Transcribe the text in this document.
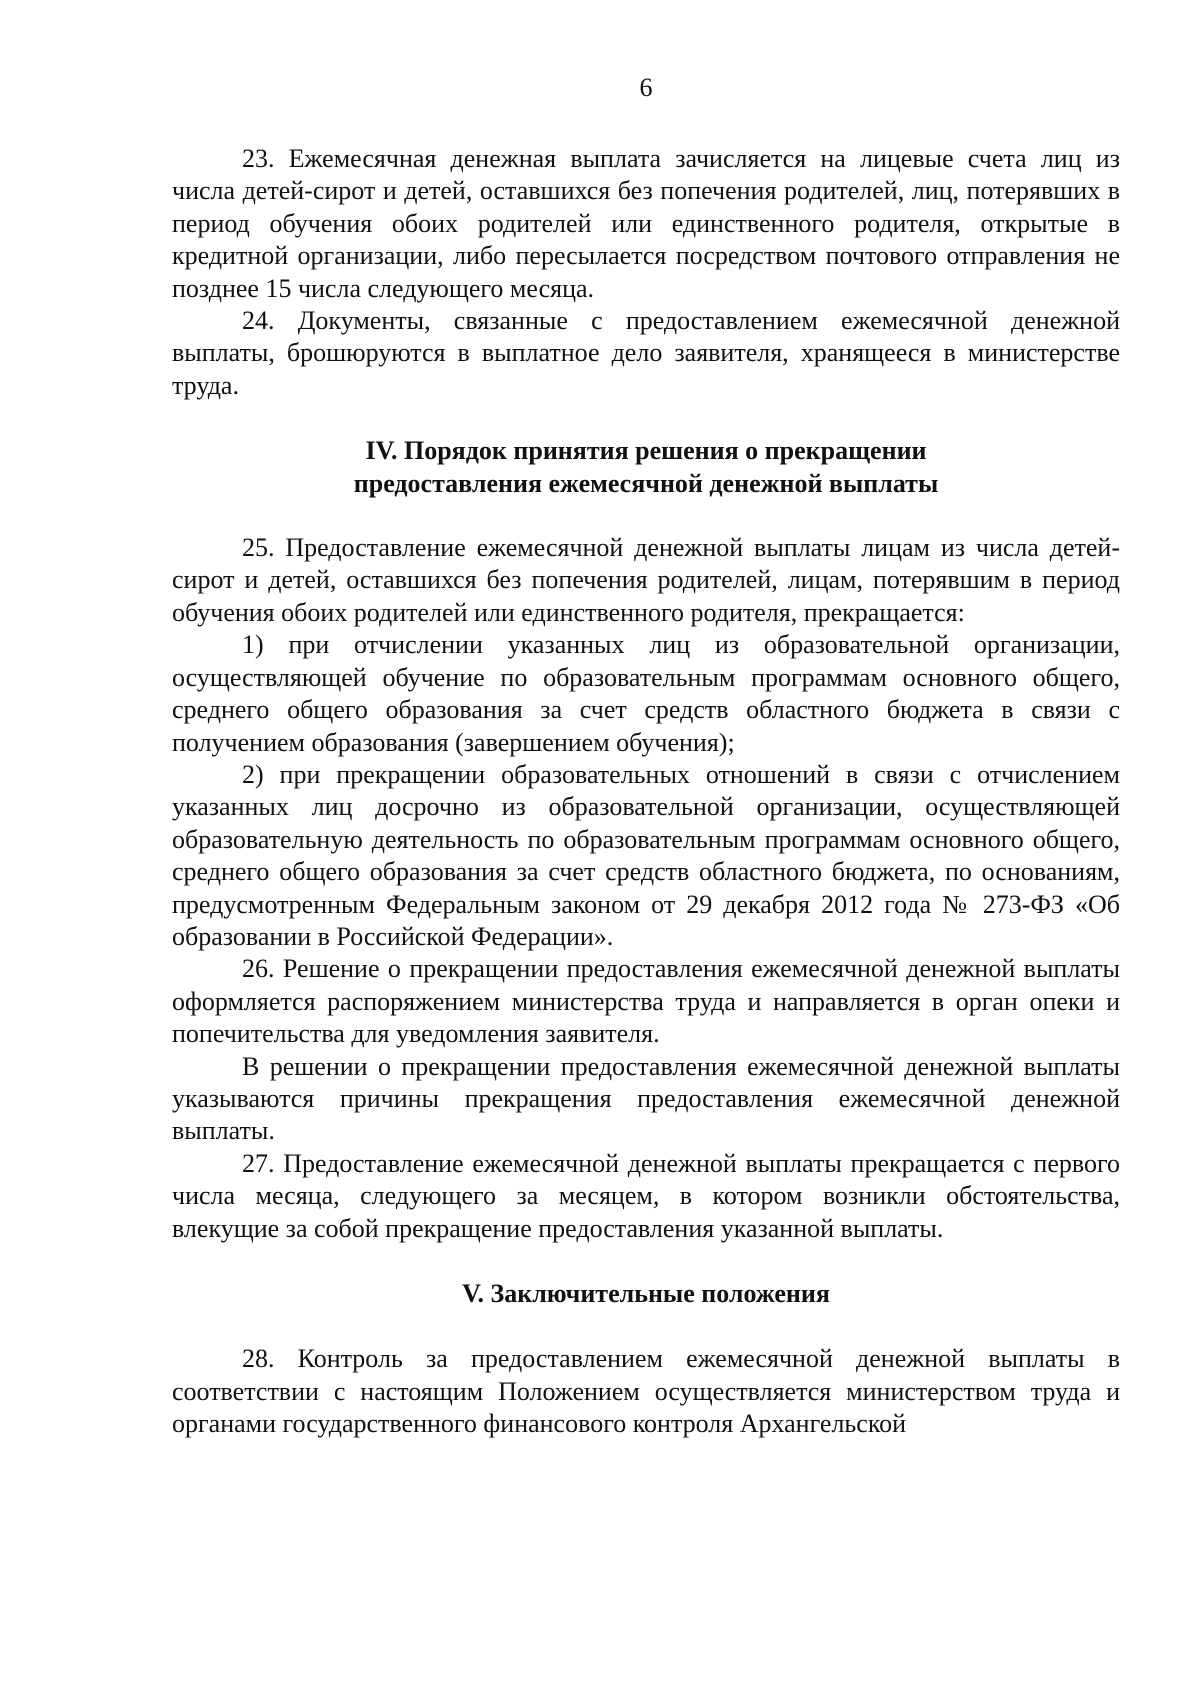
6

23. Ежемесячная денежная выплата зачисляется на лицевые счета лиц из числа детей-сирот и детей, оставшихся без попечения родителей, лиц, потерявших в период обучения обоих родителей или единственного родителя, открытые в кредитной организации, либо пересылается посредством почтового отправления не позднее 15 числа следующего месяца.

24. Документы, связанные с предоставлением ежемесячной денежной выплаты, брошюруются в выплатное дело заявителя, хранящееся в министерстве труда.

IV. Порядок принятия решения о прекращении
предоставления ежемесячной денежной выплаты

25. Предоставление ежемесячной денежной выплаты лицам из числа детей-сирот и детей, оставшихся без попечения родителей, лицам, потерявшим в период обучения обоих родителей или единственного родителя, прекращается:

1) при отчислении указанных лиц из образовательной организации, осуществляющей обучение по образовательным программам основного общего, среднего общего образования за счет средств областного бюджета в связи с получением образования (завершением обучения);

2) при прекращении образовательных отношений в связи с отчислением указанных лиц досрочно из образовательной организации, осуществляющей образовательную деятельность по образовательным программам основного общего, среднего общего образования за счет средств областного бюджета, по основаниям, предусмотренным Федеральным законом от 29 декабря 2012 года № 273-ФЗ «Об образовании в Российской Федерации».

26. Решение о прекращении предоставления ежемесячной денежной выплаты оформляется распоряжением министерства труда и направляется в орган опеки и попечительства для уведомления заявителя.

В решении о прекращении предоставления ежемесячной денежной выплаты указываются причины прекращения предоставления ежемесячной денежной выплаты.

27. Предоставление ежемесячной денежной выплаты прекращается с первого числа месяца, следующего за месяцем, в котором возникли обстоятельства, влекущие за собой прекращение предоставления указанной выплаты.

V. Заключительные положения

28. Контроль за предоставлением ежемесячной денежной выплаты в соответствии с настоящим Положением осуществляется министерством труда и органами государственного финансового контроля Архангельской
